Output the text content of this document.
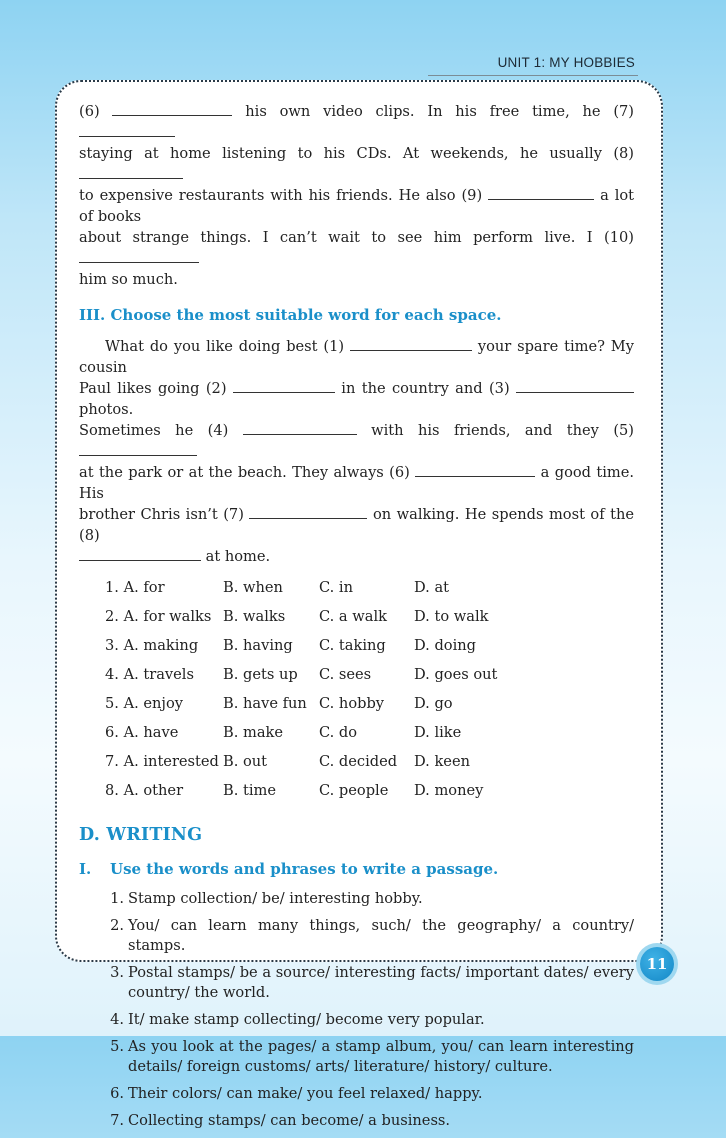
UNIT 1: MY HOBBIES

(6)	his own video clips. In his free time, he (7)

staying at home listening to his CDs. At weekends, he usually (8)

to expensive restaurants with his friends. He also (9)	a lot of books

about strange things. I can’t wait to see him perform live. I (10)

him so much.

III. Choose the most suitable word for each space.

What do you like doing best (1)	your spare time? My cousin

Paul likes going (2)	in the country and (3)  photos.

Sometimes he (4)	with his friends, and they (5)

at the park or at the beach. They always (6)	a good time. His

brother Chris isn’t (7)	on walking. He spends most of the (8)

at home.

1. A. for	B. when	C. in	D. at
2. A. for walks B. walks	C. a walk	D. to walk
3. A. making	B. having	C. taking	D. doing
4. A. travels	B. gets up	C. sees	D. goes out
5. A. enjoy	B. have fun C. hobby	D. go
6. A. have	B. make	C. do	D. like
7. A. interested B. out	C. decided	D. keen
8. A. other	B. time	C. people	D. money
D. WRITING
I.	Use the words and phrases to write a passage.
1. Stamp collection/ be/ interesting hobby.
2. You/ can learn many things, such/ the geography/ a country/ stamps.
3. Postal stamps/ be a source/ interesting facts/ important dates/ every country/ the world.
4. It/ make stamp collecting/ become very popular.
5. As you look at the pages/ a stamp album, you/ can learn interesting details/ foreign customs/ arts/ literature/ history/ culture.
6. Their colors/ can make/ you feel relaxed/ happy.
7. Collecting stamps/ can become/ a business.
11
